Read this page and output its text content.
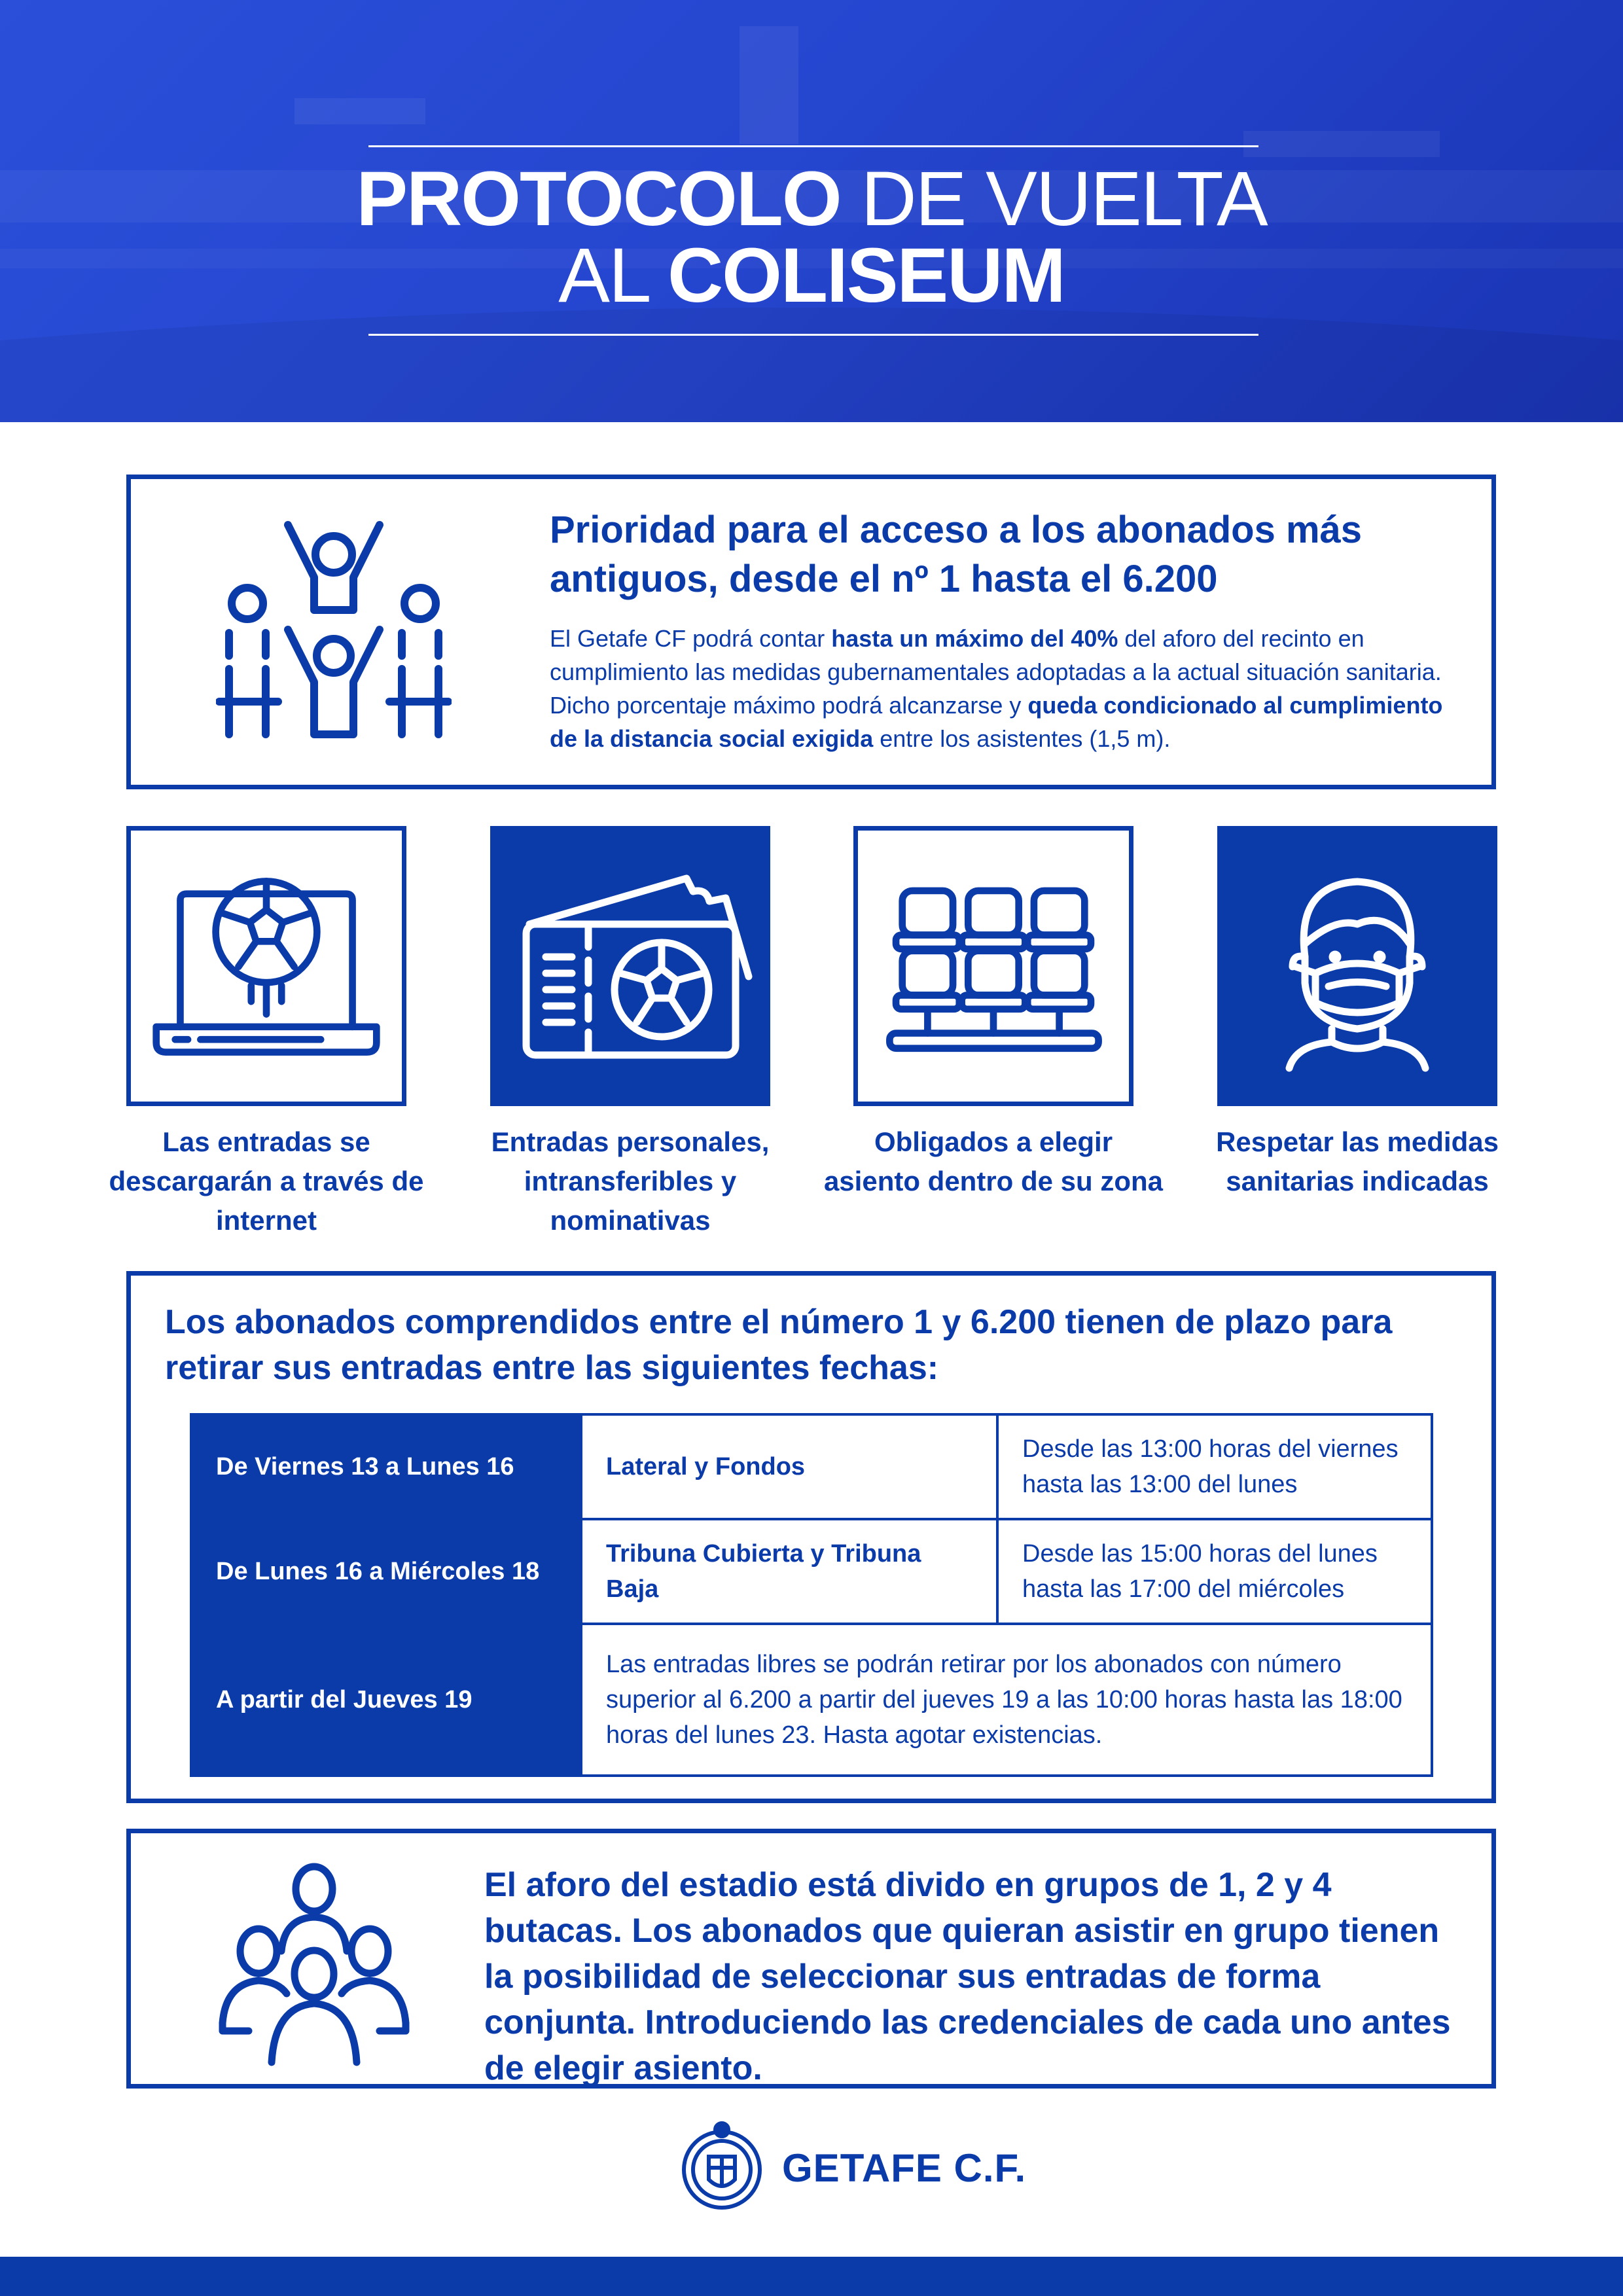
PROTOCOLO DE VUELTA
AL COLISEUM
Prioridad para el acceso a los abonados más antiguos, desde el nº 1 hasta el 6.200
El Getafe CF podrá contar hasta un máximo del 40% del aforo del recinto en cumplimiento las medidas gubernamentales adoptadas a la actual situación sanitaria. Dicho porcentaje máximo podrá alcanzarse y queda condicionado al cumplimiento de la distancia social exigida entre los asistentes (1,5 m).
Las entradas se descargarán a través de internet
Entradas personales, intransferibles y nominativas
Obligados a elegir asiento dentro de su zona
Respetar las medidas sanitarias indicadas
Los abonados comprendidos entre el número 1 y 6.200 tienen de plazo para retirar sus entradas entre las siguientes fechas:
De Viernes 13 a Lunes 16	Lateral y Fondos	Desde las 13:00 horas del viernes hasta las 13:00 del lunes
De Lunes 16 a Miércoles 18	Tribuna Cubierta y Tribuna Baja	Desde las 15:00 horas del lunes hasta las 17:00 del miércoles
A partir del Jueves 19	Las entradas libres se podrán retirar por los abonados con número superior al 6.200 a partir del jueves 19 a las 10:00 horas hasta las 18:00 horas del lunes 23. Hasta agotar existencias.	
El aforo del estadio está divido en grupos de 1, 2 y 4 butacas. Los abonados que quieran asistir en grupo tienen la posibilidad de seleccionar sus entradas de forma conjunta. Introduciendo las credenciales de cada uno antes de elegir asiento.
GETAFE C.F.
